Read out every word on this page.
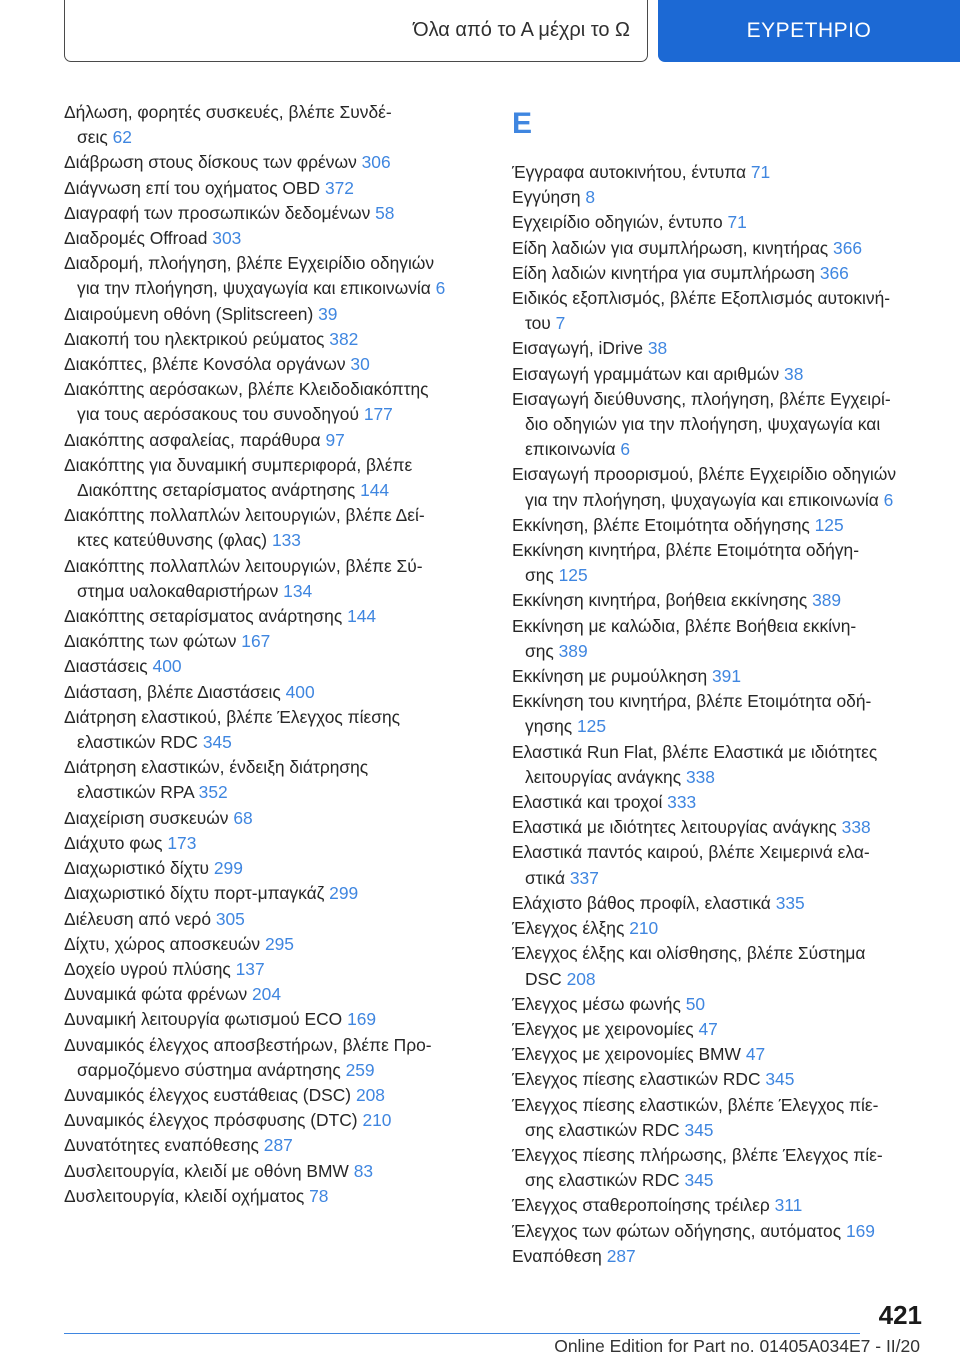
Όλα από το Α μέχρι το Ω	ΕΥΡΕΤΗΡΙΟ
Δήλωση, φορητές συσκευές, βλέπε Συνδέ-
σεις 62
Διάβρωση στους δίσκους των φρένων 306
Διάγνωση επί του οχήματος OBD 372
Διαγραφή των προσωπικών δεδομένων 58
Διαδρομές Offroad 303
Διαδρομή, πλοήγηση, βλέπε Εγχειρίδιο οδηγιών
για την πλοήγηση, ψυχαγωγία και επικοινωνία 6
Διαιρούμενη οθόνη (Splitscreen) 39
Διακοπή του ηλεκτρικού ρεύματος 382
Διακόπτες, βλέπε Κονσόλα οργάνων 30
Διακόπτης αερόσακων, βλέπε Κλειδοδιακόπτης
για τους αερόσακους του συνοδηγού 177
Διακόπτης ασφαλείας, παράθυρα 97
Διακόπτης για δυναμική συμπεριφορά, βλέπε
Διακόπτης σεταρίσματος ανάρτησης 144
Διακόπτης πολλαπλών λειτουργιών, βλέπε Δεί-
κτες κατεύθυνσης (φλας) 133
Διακόπτης πολλαπλών λειτουργιών, βλέπε Σύ-
στημα υαλοκαθαριστήρων 134
Διακόπτης σεταρίσματος ανάρτησης 144
Διακόπτης των φώτων 167
Διαστάσεις 400
Διάσταση, βλέπε Διαστάσεις 400
Διάτρηση ελαστικού, βλέπε Έλεγχος πίεσης
ελαστικών RDC 345
Διάτρηση ελαστικών, ένδειξη διάτρησης
ελαστικών RPA 352
Διαχείριση συσκευών 68
Διάχυτο φως 173
Διαχωριστικό δίχτυ 299
Διαχωριστικό δίχτυ πορτ-μπαγκάζ 299
Διέλευση από νερό 305
Δίχτυ, χώρος αποσκευών 295
Δοχείο υγρού πλύσης 137
Δυναμικά φώτα φρένων 204
Δυναμική λειτουργία φωτισμού ECO 169
Δυναμικός έλεγχος αποσβεστήρων, βλέπε Προ-
σαρμοζόμενο σύστημα ανάρτησης 259
Δυναμικός έλεγχος ευστάθειας (DSC) 208
Δυναμικός έλεγχος πρόσφυσης (DTC) 210
Δυνατότητες εναπόθεσης 287
Δυσλειτουργία, κλειδί με οθόνη BMW 83
Δυσλειτουργία, κλειδί οχήματος 78
E
Έγγραφα αυτοκινήτου, έντυπα 71
Εγγύηση 8
Εγχειρίδιο οδηγιών, έντυπο 71
Είδη λαδιών για συμπλήρωση, κινητήρας 366
Είδη λαδιών κινητήρα για συμπλήρωση 366
Ειδικός εξοπλισμός, βλέπε Εξοπλισμός αυτοκινή-
του 7
Εισαγωγή, iDrive 38
Εισαγωγή γραμμάτων και αριθμών 38
Εισαγωγή διεύθυνσης, πλοήγηση, βλέπε Εγχειρί-
διο οδηγιών για την πλοήγηση, ψυχαγωγία και
επικοινωνία 6
Εισαγωγή προορισμού, βλέπε Εγχειρίδιο οδηγιών
για την πλοήγηση, ψυχαγωγία και επικοινωνία 6
Εκκίνηση, βλέπε Ετοιμότητα οδήγησης 125
Εκκίνηση κινητήρα, βλέπε Ετοιμότητα οδήγη-
σης 125
Εκκίνηση κινητήρα, βοήθεια εκκίνησης 389
Εκκίνηση με καλώδια, βλέπε Βοήθεια εκκίνη-
σης 389
Εκκίνηση με ρυμούλκηση 391
Εκκίνηση του κινητήρα, βλέπε Ετοιμότητα οδή-
γησης 125
Ελαστικά Run Flat, βλέπε Ελαστικά με ιδιότητες
λειτουργίας ανάγκης 338
Ελαστικά και τροχοί 333
Ελαστικά με ιδιότητες λειτουργίας ανάγκης 338
Ελαστικά παντός καιρού, βλέπε Χειμερινά ελα-
στικά 337
Ελάχιστο βάθος προφίλ, ελαστικά 335
Έλεγχος έλξης 210
Έλεγχος έλξης και ολίσθησης, βλέπε Σύστημα
DSC 208
Έλεγχος μέσω φωνής 50
Έλεγχος με χειρονομίες 47
Έλεγχος με χειρονομίες BMW 47
Έλεγχος πίεσης ελαστικών RDC 345
Έλεγχος πίεσης ελαστικών, βλέπε Έλεγχος πίε-
σης ελαστικών RDC 345
Έλεγχος πίεσης πλήρωσης, βλέπε Έλεγχος πίε-
σης ελαστικών RDC 345
Έλεγχος σταθεροποίησης τρέιλερ 311
Έλεγχος των φώτων οδήγησης, αυτόματος 169
Εναπόθεση 287
421
Online Edition for Part no. 01405A034E7 - II/20
